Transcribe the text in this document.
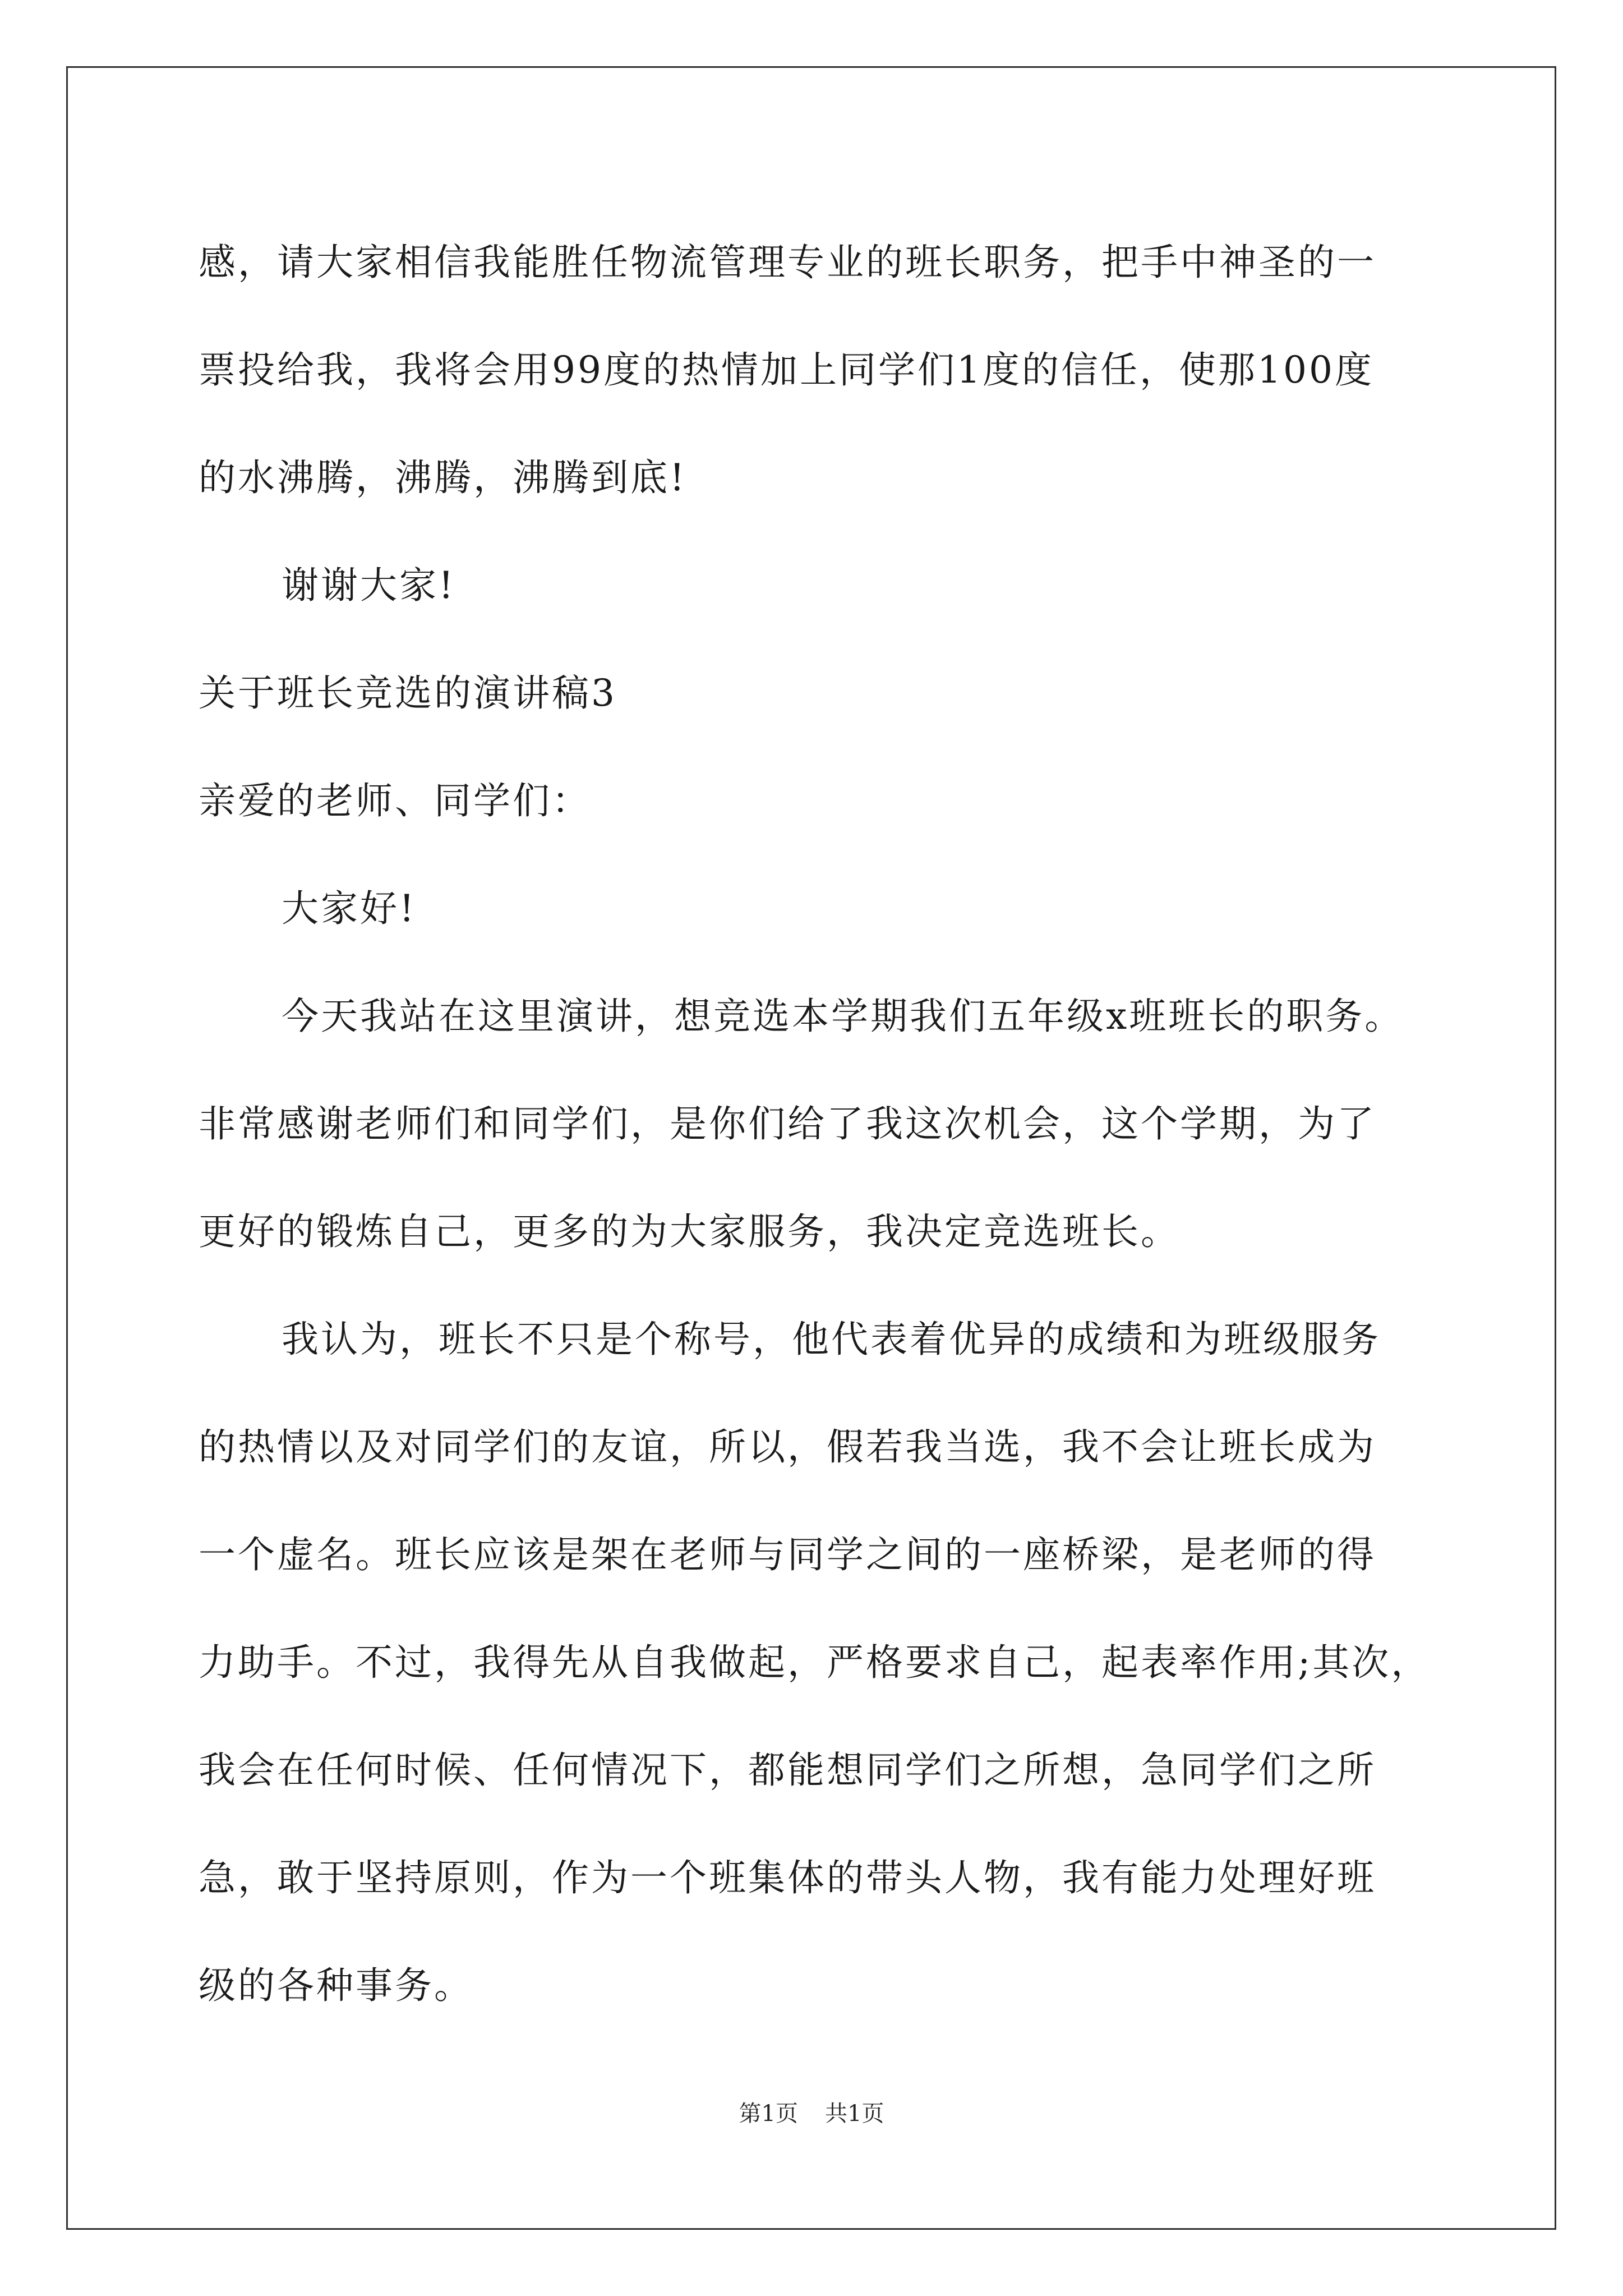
感，请大家相信我能胜任物流管理专业的班长职务，把手中神圣的一
票投给我，我将会用99度的热情加上同学们1度的信任，使那100度
的水沸腾，沸腾，沸腾到底!
谢谢大家!
关于班长竞选的演讲稿3
亲爱的老师、同学们：
大家好!
今天我站在这里演讲，想竞选本学期我们五年级x班班长的职务。
非常感谢老师们和同学们，是你们给了我这次机会，这个学期，为了
更好的锻炼自己，更多的为大家服务，我决定竞选班长。
我认为，班长不只是个称号，他代表着优异的成绩和为班级服务
的热情以及对同学们的友谊，所以，假若我当选，我不会让班长成为
一个虚名。班长应该是架在老师与同学之间的一座桥梁，是老师的得
力助手。不过，我得先从自我做起，严格要求自己，起表率作用;其次，
我会在任何时候、任何情况下，都能想同学们之所想，急同学们之所
急，敢于坚持原则，作为一个班集体的带头人物，我有能力处理好班
级的各种事务。
第1页 共1页
